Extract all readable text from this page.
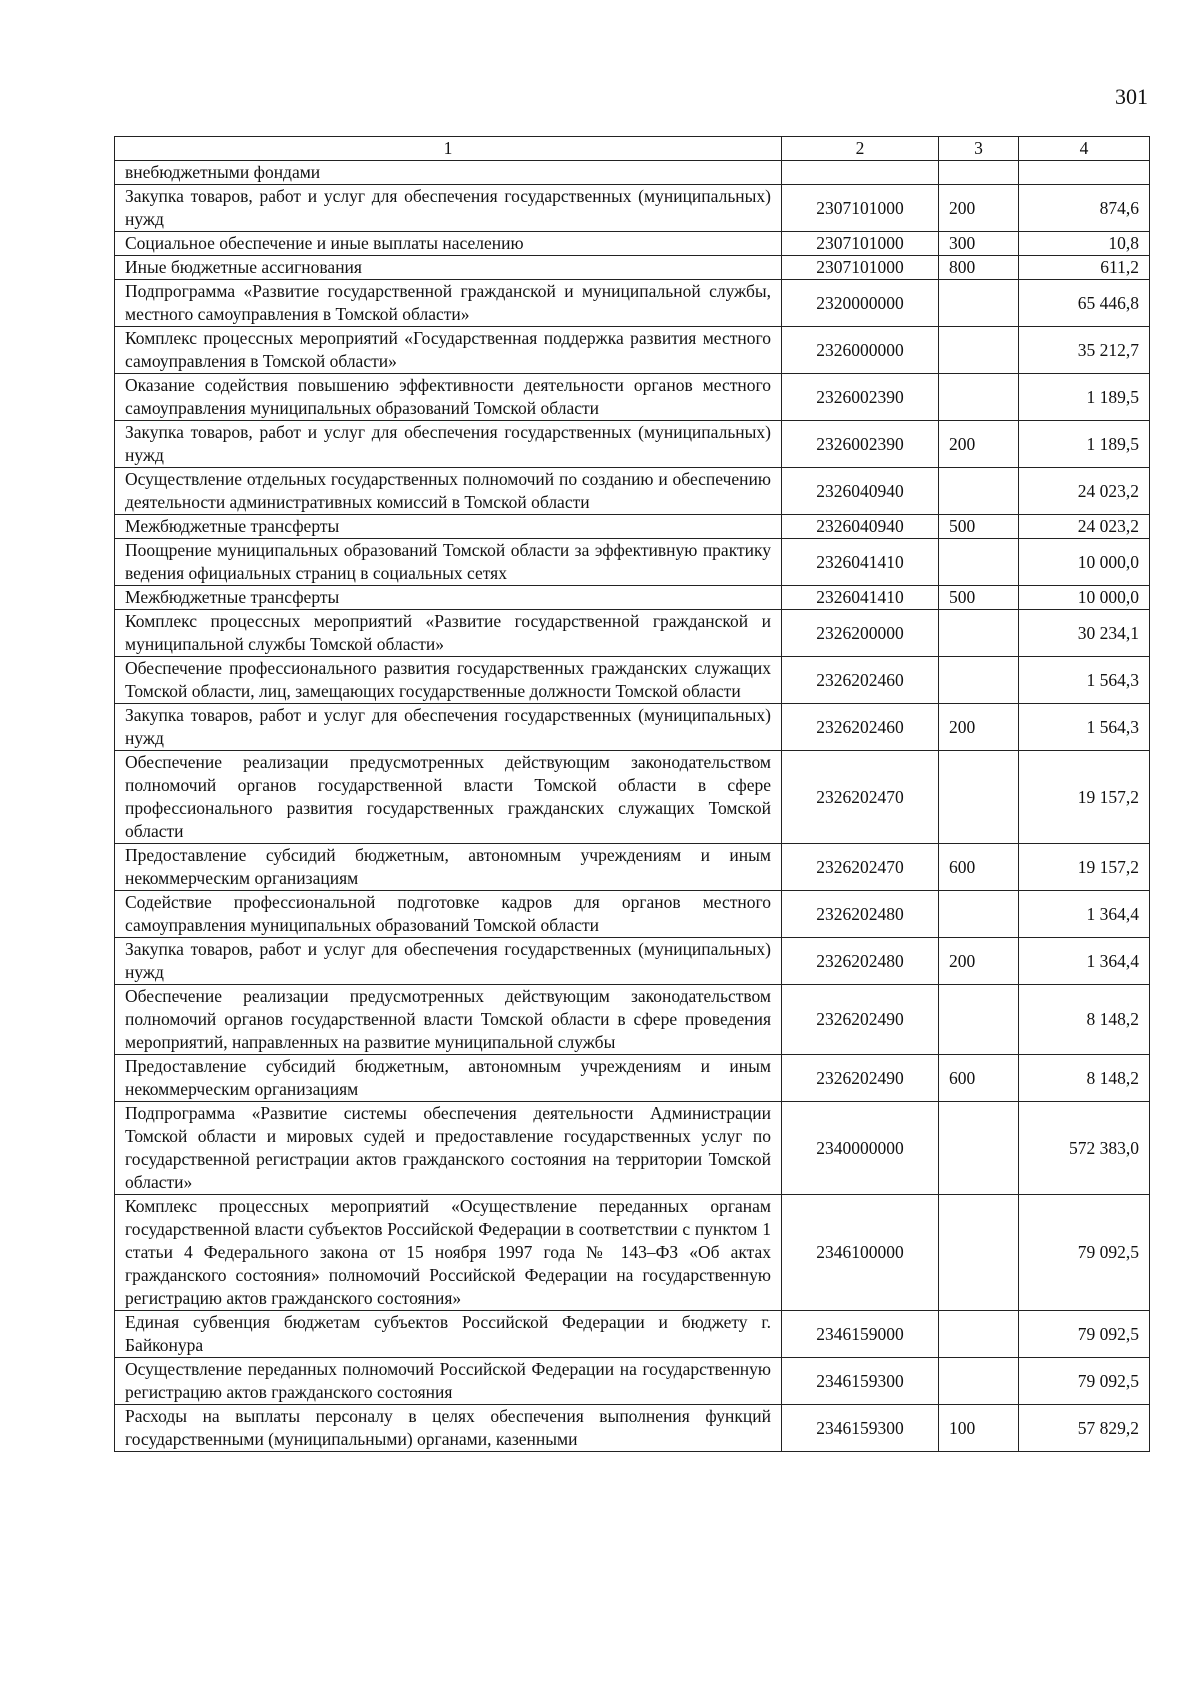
301
1	2	3	4
внебюджетными фондами			
Закупка товаров, работ и услуг для обеспечения государственных (муниципальных) нужд	2307101000	200	874,6
Социальное обеспечение и иные выплаты населению	2307101000	300	10,8
Иные бюджетные ассигнования	2307101000	800	611,2
Подпрограмма «Развитие государственной гражданской и муниципальной службы, местного самоуправления в Томской области»	2320000000		65 446,8
Комплекс процессных мероприятий «Государственная поддержка развития местного самоуправления в Томской области»	2326000000		35 212,7
Оказание содействия повышению эффективности деятельности органов местного самоуправления муниципальных образований Томской области	2326002390		1 189,5
Закупка товаров, работ и услуг для обеспечения государственных (муниципальных) нужд	2326002390	200	1 189,5
Осуществление отдельных государственных полномочий по созданию и обеспечению деятельности административных комиссий в Томской области	2326040940		24 023,2
Межбюджетные трансферты	2326040940	500	24 023,2
Поощрение муниципальных образований Томской области за эффективную практику ведения официальных страниц в социальных сетях	2326041410		10 000,0
Межбюджетные трансферты	2326041410	500	10 000,0
Комплекс процессных мероприятий «Развитие государственной гражданской и муниципальной службы Томской области»	2326200000		30 234,1
Обеспечение профессионального развития государственных гражданских служащих Томской области, лиц, замещающих государственные должности Томской области	2326202460		1 564,3
Закупка товаров, работ и услуг для обеспечения государственных (муниципальных) нужд	2326202460	200	1 564,3
Обеспечение реализации предусмотренных действующим законодательством полномочий органов государственной власти Томской области в сфере профессионального развития государственных гражданских служащих Томской области	2326202470		19 157,2
Предоставление субсидий бюджетным, автономным учреждениям и иным некоммерческим организациям	2326202470	600	19 157,2
Содействие профессиональной подготовке кадров для органов местного самоуправления муниципальных образований Томской области	2326202480		1 364,4
Закупка товаров, работ и услуг для обеспечения государственных (муниципальных) нужд	2326202480	200	1 364,4
Обеспечение реализации предусмотренных действующим законодательством полномочий органов государственной власти Томской области в сфере проведения мероприятий, направленных на развитие муниципальной службы	2326202490		8 148,2
Предоставление субсидий бюджетным, автономным учреждениям и иным некоммерческим организациям	2326202490	600	8 148,2
Подпрограмма «Развитие системы обеспечения деятельности Администрации Томской области и мировых судей и предоставление государственных услуг по государственной регистрации актов гражданского состояния на территории Томской области»	2340000000		572 383,0
Комплекс процессных мероприятий «Осуществление переданных органам государственной власти субъектов Российской Федерации в соответствии с пунктом 1 статьи 4 Федерального закона от 15 ноября 1997 года № 143–ФЗ «Об актах гражданского состояния» полномочий Российской Федерации на государственную регистрацию актов гражданского состояния»	2346100000		79 092,5
Единая субвенция бюджетам субъектов Российской Федерации и бюджету г. Байконура	2346159000		79 092,5
Осуществление переданных полномочий Российской Федерации на государственную регистрацию актов гражданского состояния	2346159300		79 092,5
Расходы на выплаты персоналу в целях обеспечения выполнения функций государственными (муниципальными) органами, казенными	2346159300	100	57 829,2
